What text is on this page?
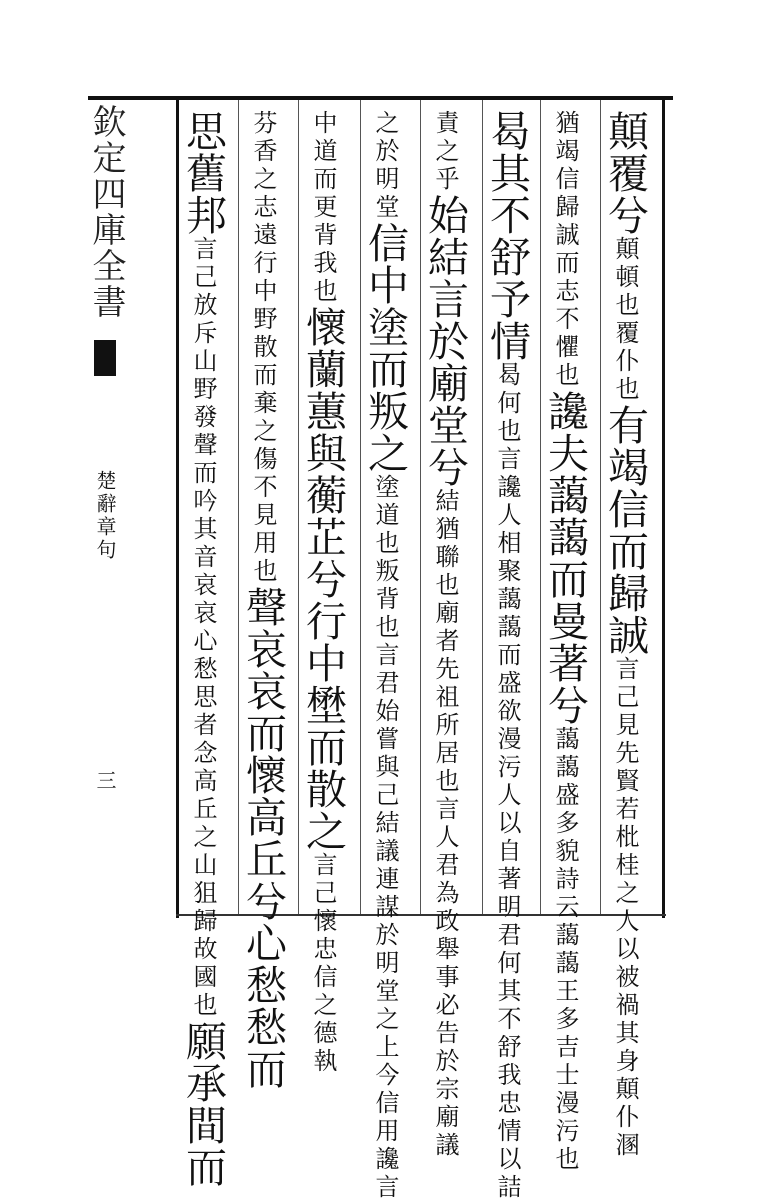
欽定四庫全書
楚辭章句
三
顛覆兮顛頓也覆仆也有竭信而歸誠言己見先賢若枇桂之人以被禍其身顛仆溷
猶竭信歸誠而志不懼也讒夫藹藹而曼著兮藹藹盛多貌詩云藹藹王多吉士漫污也
曷其不舒予情曷何也言讒人相聚藹藹而盛欲漫污人以自著明君何其不舒我忠情以詰
責之乎始結言於廟堂兮結猶聯也廟者先祖所居也言人君為政舉事必告於宗廟議
之於明堂信中塗而叛之塗道也叛背也言君始嘗與己結議連謀於明堂之上今信用讒言
中道而更背我也懷蘭蕙與蘅芷兮行中壄而散之言己懷忠信之德執
芬香之志遠行中野散而棄之傷不見用也聲哀哀而懷高丘兮心愁愁而
思舊邦言己放斥山野發聲而吟其音哀哀心愁思者念高丘之山狙歸故國也願承間而
